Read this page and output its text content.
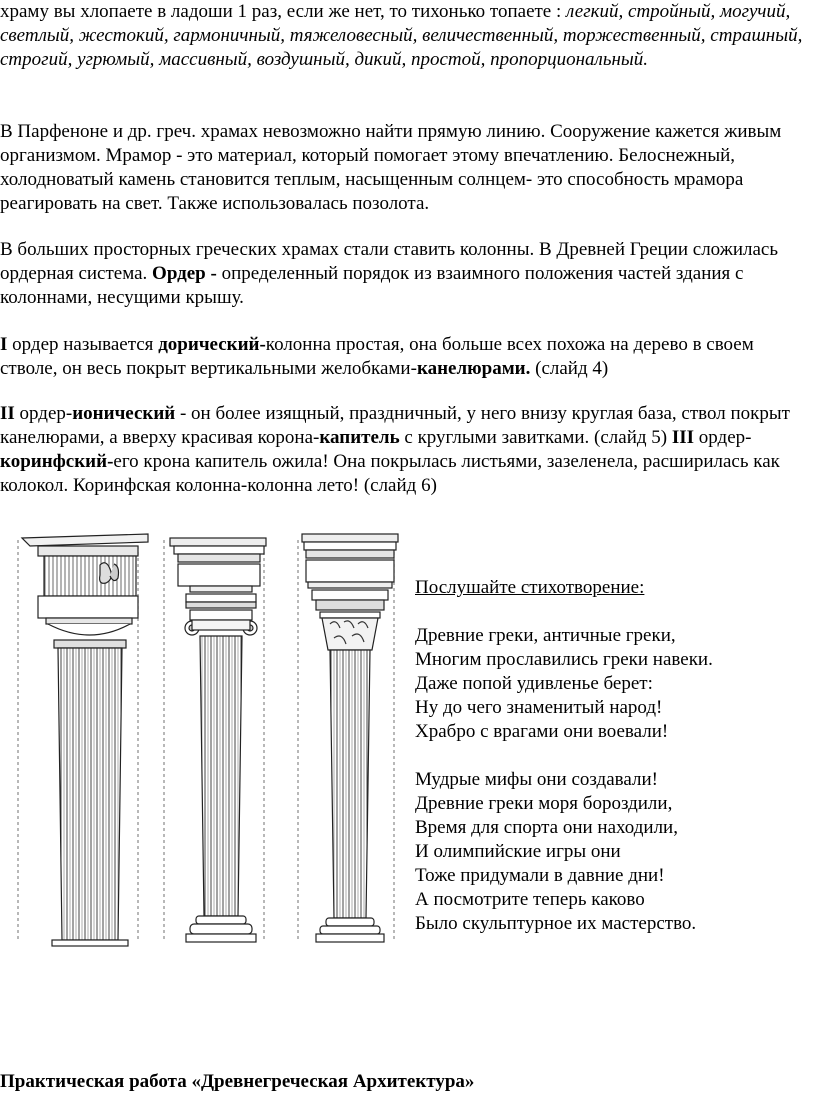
храму вы хлопаете в ладоши 1 раз, если же нет, то тихонько топаете : легкий, стройный, могучий, светлый, жестокий, гармоничный, тяжеловесный, величественный, торжественный, страшный, строгий, угрюмый, массивный, воздушный, дикий, простой, пропорциональный.

В Парфеноне и др. греч. храмах невозможно найти прямую линию. Сооружение кажется живым организмом. Мрамор - это материал, который помогает этому впечатлению. Белоснежный, холодноватый камень становится теплым, насыщенным солнцем- это способность мрамора реагировать на свет. Также использовалась позолота.

В больших просторных греческих храмах стали ставить колонны. В Древней Греции сложилась ордерная система. Ордер - определенный порядок из взаимного положения частей здания с колоннами, несущими крышу.

I ордер называется дорический-колонна простая, она больше всех похожа на дерево в своем стволе, он весь покрыт вертикальными желобками-канелюрами. (слайд 4)

II ордер-ионический - он более изящный, праздничный, у него внизу круглая база, ствол покрыт канелюрами, а вверху красивая корона-капитель с круглыми завитками. (слайд 5) III ордер- коринфский-его крона капитель ожила! Она покрылась листьями, зазеленела, расширилась как колокол. Коринфская колонна-колонна лето! (слайд 6)

Послушайте стихотворение:
Древние греки, античные греки,
Многим прославились греки навеки.
Даже попой удивленье берет:
Ну до чего знаменитый народ!
Храбро с врагами они воевали!
Мудрые мифы они создавали!
Древние греки моря бороздили,
Время для спорта они находили,
И олимпийские игры они
Тоже придумали в давние дни!
А посмотрите теперь каково
Было скульптурное их мастерство.
Практическая работа «Древнегреческая Архитектура»
